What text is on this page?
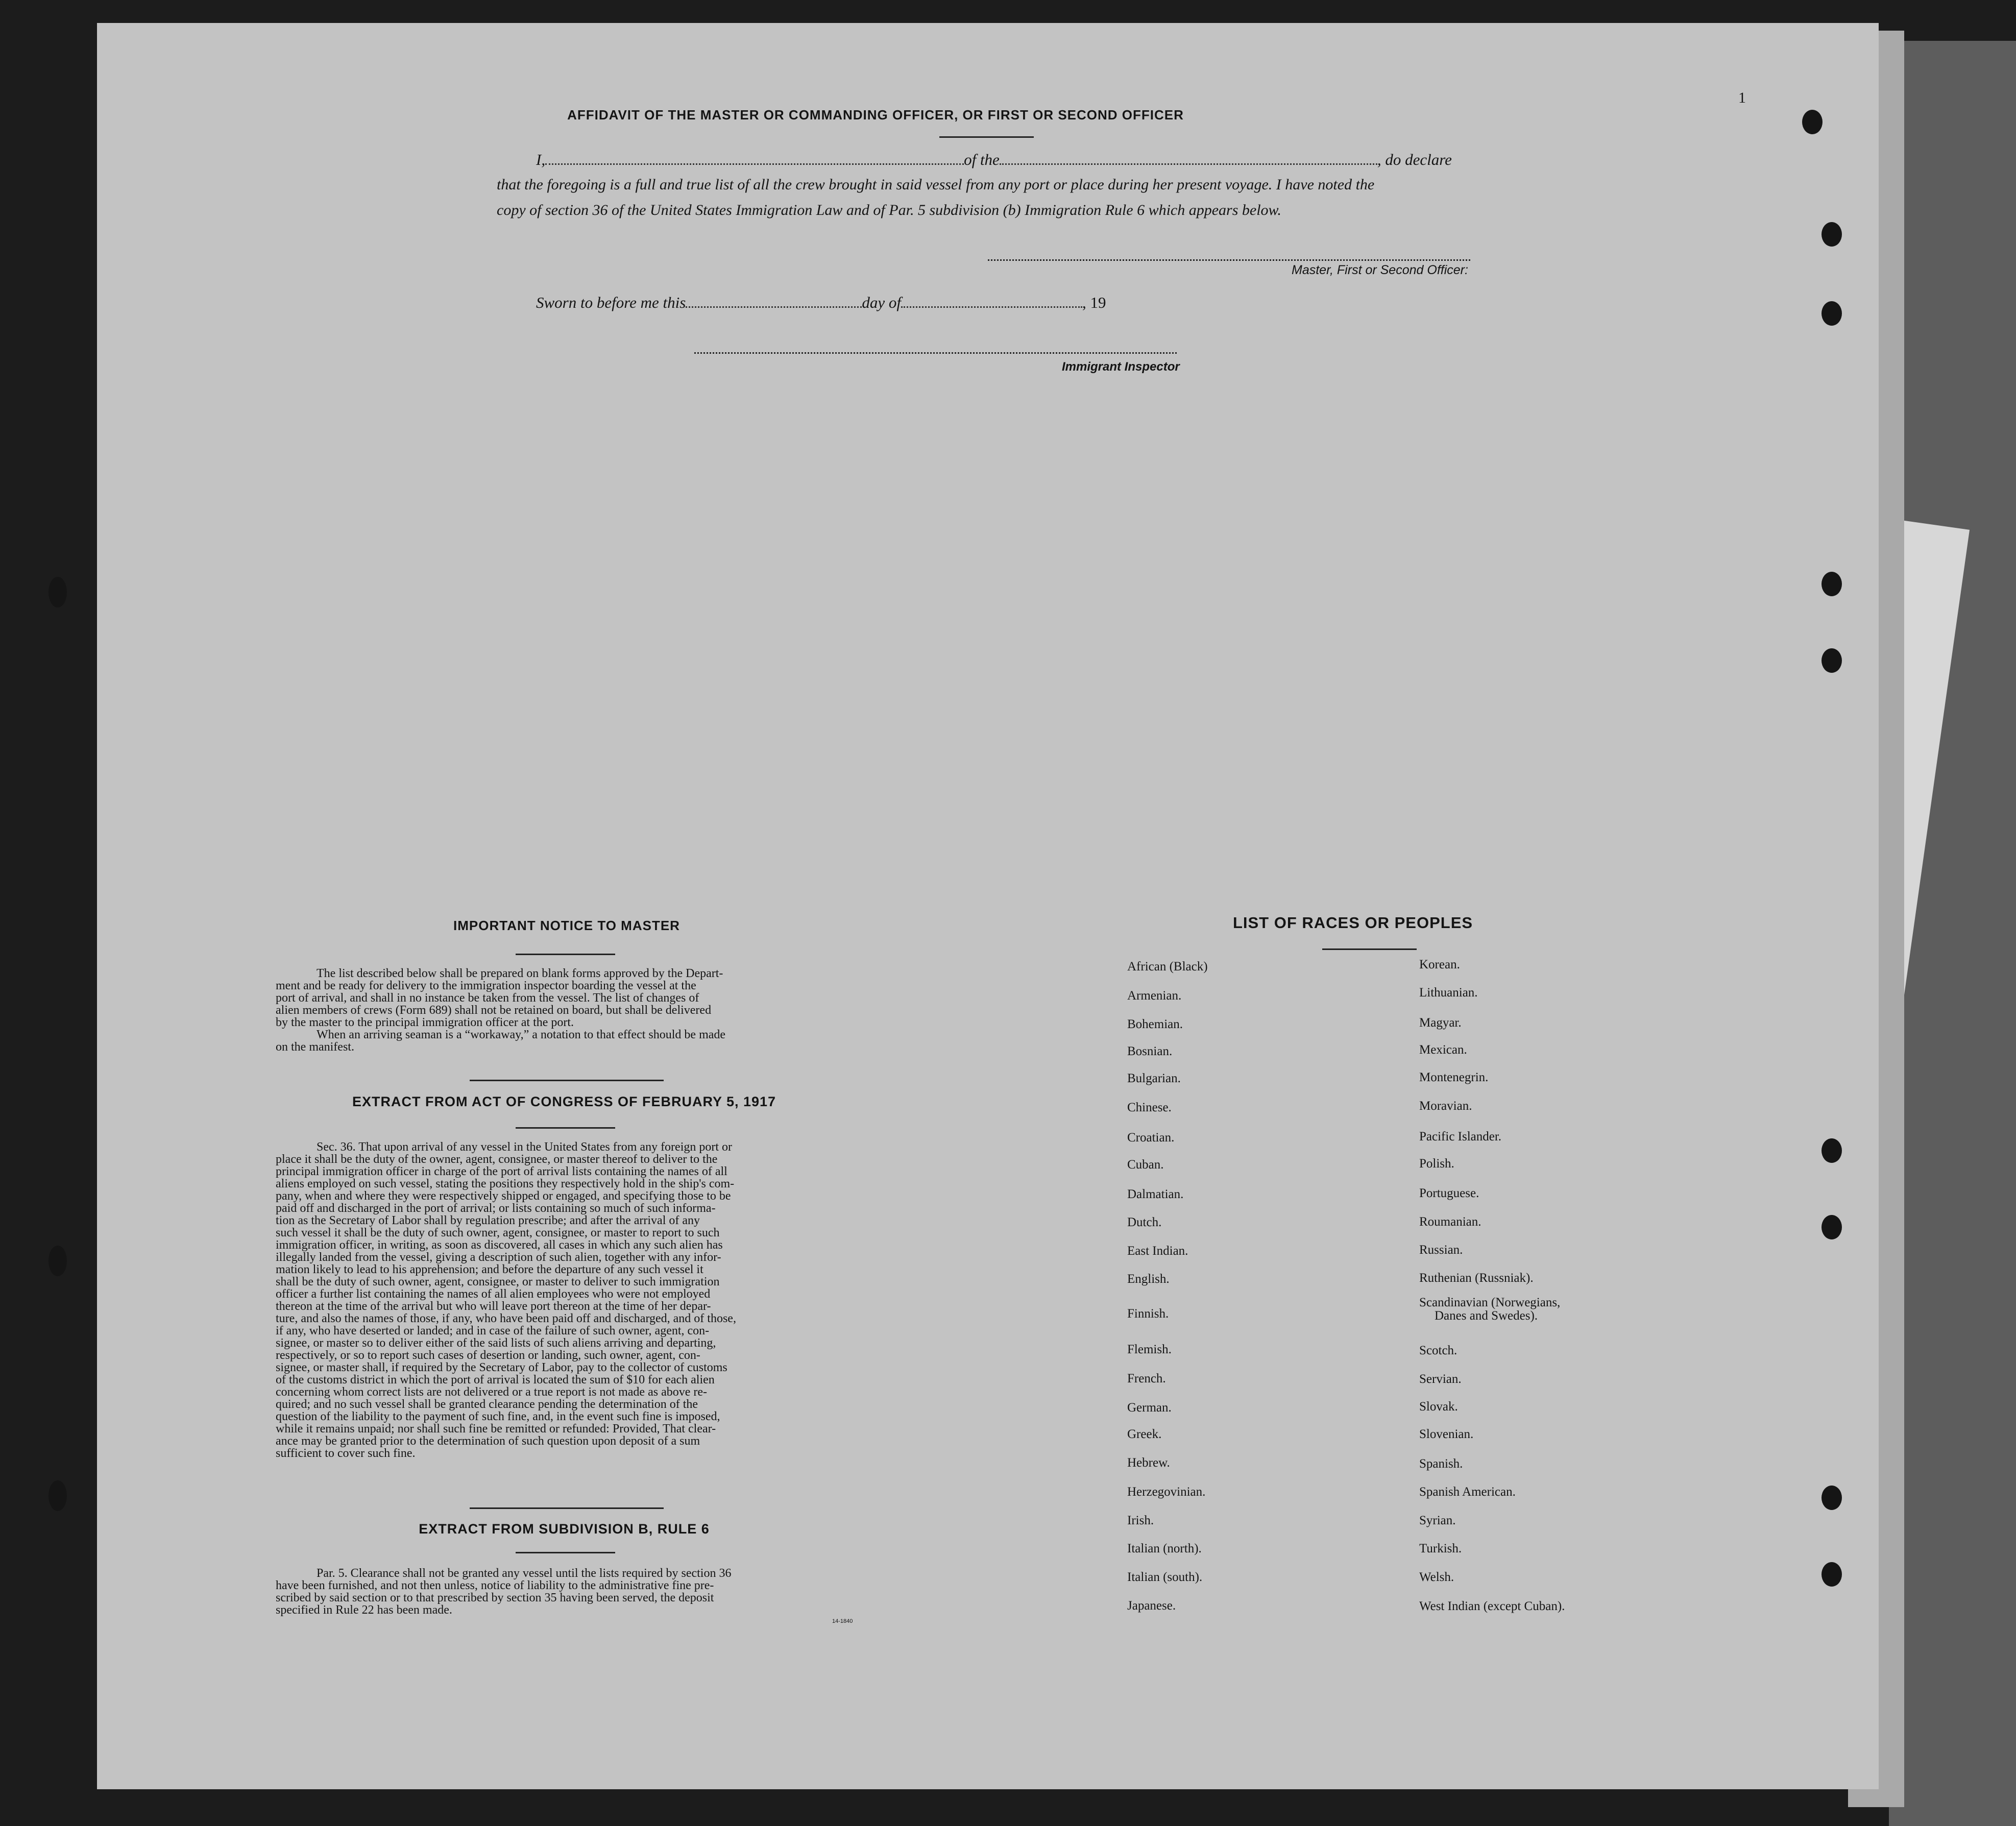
1
AFFIDAVIT OF THE MASTER OR COMMANDING OFFICER, OR FIRST OR SECOND OFFICER
I,	of the	, do declare
that the foregoing is a full and true list of all the crew brought in said vessel from any port or place during her present voyage. I have noted the
copy of section 36 of the United States Immigration Law and of Par. 5 subdivision (b) Immigration Rule 6 which appears below.
Master, First or Second Officer:
Sworn to before me this	day of	, 19
Immigrant Inspector
IMPORTANT NOTICE TO MASTER
The list described below shall be prepared on blank forms approved by the Depart-
ment and be ready for delivery to the immigration inspector boarding the vessel at the
port of arrival, and shall in no instance be taken from the vessel. The list of changes of
alien members of crews (Form 689) shall not be retained on board, but shall be delivered
by the master to the principal immigration officer at the port.
When an arriving seaman is a “workaway,” a notation to that effect should be made
on the manifest.
EXTRACT FROM ACT OF CONGRESS OF FEBRUARY 5, 1917
Sec. 36. That upon arrival of any vessel in the United States from any foreign port or
place it shall be the duty of the owner, agent, consignee, or master thereof to deliver to the
principal immigration officer in charge of the port of arrival lists containing the names of all
aliens employed on such vessel, stating the positions they respectively hold in the ship's com-
pany, when and where they were respectively shipped or engaged, and specifying those to be
paid off and discharged in the port of arrival; or lists containing so much of such informa-
tion as the Secretary of Labor shall by regulation prescribe; and after the arrival of any
such vessel it shall be the duty of such owner, agent, consignee, or master to report to such
immigration officer, in writing, as soon as discovered, all cases in which any such alien has
illegally landed from the vessel, giving a description of such alien, together with any infor-
mation likely to lead to his apprehension; and before the departure of any such vessel it
shall be the duty of such owner, agent, consignee, or master to deliver to such immigration
officer a further list containing the names of all alien employees who were not employed
thereon at the time of the arrival but who will leave port thereon at the time of her depar-
ture, and also the names of those, if any, who have been paid off and discharged, and of those,
if any, who have deserted or landed; and in case of the failure of such owner, agent, con-
signee, or master so to deliver either of the said lists of such aliens arriving and departing,
respectively, or so to report such cases of desertion or landing, such owner, agent, con-
signee, or master shall, if required by the Secretary of Labor, pay to the collector of customs
of the customs district in which the port of arrival is located the sum of $10 for each alien
concerning whom correct lists are not delivered or a true report is not made as above re-
quired; and no such vessel shall be granted clearance pending the determination of the
question of the liability to the payment of such fine, and, in the event such fine is imposed,
while it remains unpaid; nor shall such fine be remitted or refunded: Provided, That clear-
ance may be granted prior to the determination of such question upon deposit of a sum
sufficient to cover such fine.
EXTRACT FROM SUBDIVISION B, RULE 6
Par. 5. Clearance shall not be granted any vessel until the lists required by section 36
have been furnished, and not then unless, notice of liability to the administrative fine pre-
scribed by said section or to that prescribed by section 35 having been served, the deposit
specified in Rule 22 has been made.
14-1840
LIST OF RACES OR PEOPLES
African (Black)
Armenian.
Bohemian.
Bosnian.
Bulgarian.
Chinese.
Croatian.
Cuban.
Dalmatian.
Dutch.
East Indian.
English.
Finnish.
Flemish.
French.
German.
Greek.
Hebrew.
Herzegovinian.
Irish.
Italian (north).
Italian (south).
Japanese.
Korean.
Lithuanian.
Magyar.
Mexican.
Montenegrin.
Moravian.
Pacific Islander.
Polish.
Portuguese.
Roumanian.
Russian.
Ruthenian (Russniak).
Scandinavian (Norwegians,
Danes and Swedes).
Scotch.
Servian.
Slovak.
Slovenian.
Spanish.
Spanish American.
Syrian.
Turkish.
Welsh.
West Indian (except Cuban).
